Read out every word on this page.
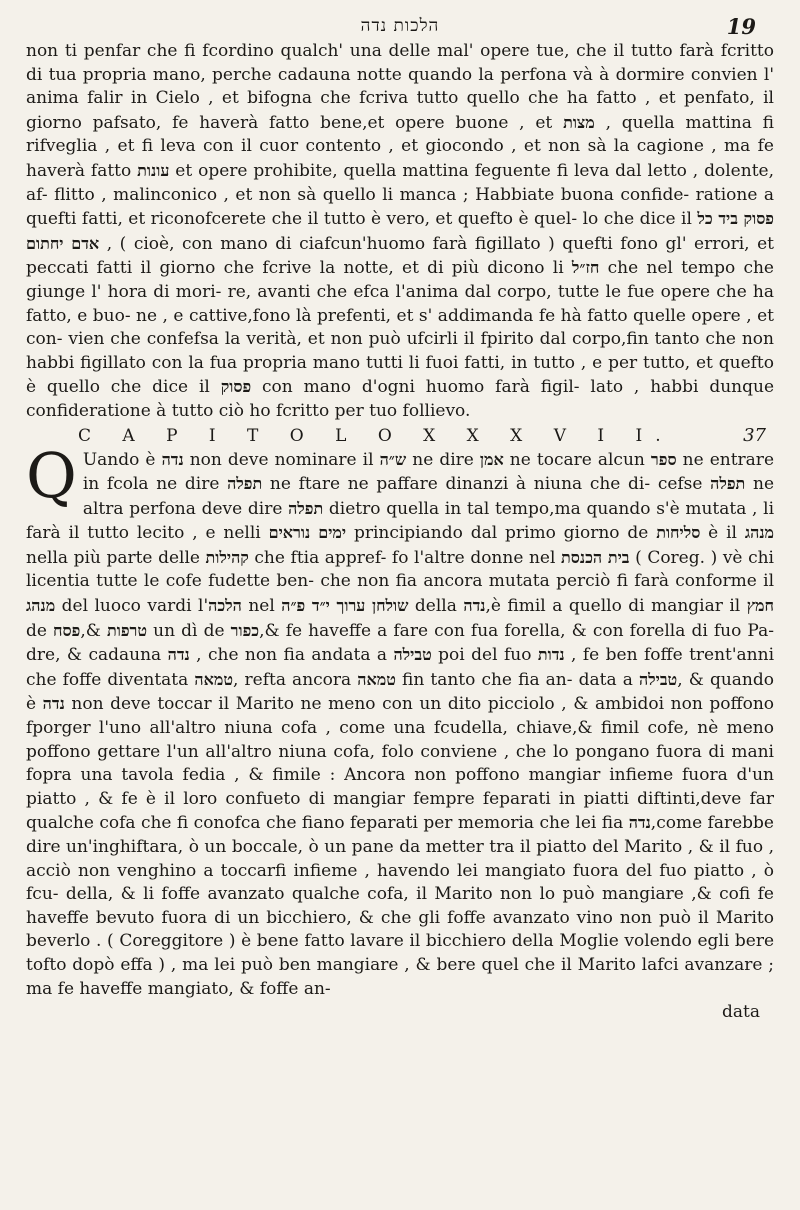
הלכות נדה	19
non ti penfar che fi fcordino qualch' una delle mal' opere tue, che il tutto farà fcritto di tua propria mano, perche cadauna notte quando la perfona và à dormire convien l' anima falir in Cielo , et bifogna che fcriva tutto quello che ha fatto , et penfato, il giorno pafsato, fe haverà fatto bene,et opere buone , et מצות , quella mattina fi rifveglia , et fi leva con il cuor contento , et giocondo , et non sà la cagione , ma fe haverà fatto עונות et opere prohibite, quella mattina feguente fi leva dal letto , dolente, af- flitto , malinconico , et non sà quello li manca ; Habbiate buona confide- ratione a quefti fatti, et riconofcerete che il tutto è vero, et quefto è quel- lo che dice il פסוק ביד כל אדם יחתום , ( cioè, con mano di ciafcun'huomo farà figillato ) quefti fono gl' errori, et peccati fatti il giorno che fcrive la notte, et di più dicono li חז״ל che nel tempo che giunge l' hora di mori- re, avanti che efca l'anima dal corpo, tutte le fue opere che ha fatto, e buo- ne , e cattive,fono là prefenti, et s' addimanda fe hà fatto quelle opere , et con- vien che confefsa la verità, et non può ufcirli il fpirito dal corpo,fin tanto che non habbi figillato con la fua propria mano tutti li fuoi fatti, in tutto , e per tutto, et quefto è quello che dice il פסוק con mano d'ogni huomo farà figil- lato , habbi dunque confideratione à tutto ciò ho fcritto per tuo follievo.
C A P I T O L O X X X V I I.	37
Q Uando è נדה non deve nominare il ש״ה ne dire אמן ne tocare alcun ספר ne entrare in fcola ne dire תפלה ne ftare ne paffare dinanzi à niuna che di- cefse תפלה ne altra perfona deve dire תפלה dietro quella in tal tempo,ma quando s'è mutata , li farà il tutto lecito , e nelli ימים נוראים principiando dal primo giorno de סליחות è il מנהג nella più parte delle קהילות che ftia appref- fo l'altre donne nel בית הכנסת ( Coreg. ) vè chi licentia tutte le cofe fudette ben- che non fia ancora mutata perciò fi farà conforme il מנהג del luoco vardi l'הלכה nel שולחן ערוך י״ד פ״ה della נדה,è fimil a quello di mangiar il חמץ de פסח,& טרפות un dì de כפור,& fe haveffe a fare con fua forella, & con forella di fuo Pa- dre, & cadauna נדה , che non fia andata a טבילה poi del fuo נדות , fe ben foffe trent'anni che foffe diventata טמאה, refta ancora טמאה fin tanto che fia an- data a טבילה, & quando è נדה non deve toccar il Marito ne meno con un dito picciolo , & ambidoi non poffono fporger l'uno all'altro niuna cofa , come una fcudella, chiave,& fimil cofe, nè meno poffono gettare l'un all'altro niuna cofa, folo conviene , che lo pongano fuora di mani fopra una tavola fedia , & fimile : Ancora non poffono mangiar infieme fuora d'un piatto , & fe è il loro confueto di mangiar fempre feparati in piatti diftinti,deve far qualche cofa che fi conofca che fiano feparati per memoria che lei fia נדה,come farebbe dire un'inghiftara, ò un boccale, ò un pane da metter tra il piatto del Marito , & il fuo , acciò non venghino a toccarfi infieme , havendo lei mangiato fuora del fuo piatto , ò fcu- della, & li foffe avanzato qualche cofa, il Marito non lo può mangiare ,& cofi fe haveffe bevuto fuora di un bicchiero, & che gli foffe avanzato vino non può il Marito beverlo . ( Coreggitore ) è bene fatto lavare il bicchiero della Moglie volendo egli bere tofto dopò effa ) , ma lei può ben mangiare , & bere quel che il Marito lafci avanzare ; ma fe haveffe mangiato, & foffe an-
data
